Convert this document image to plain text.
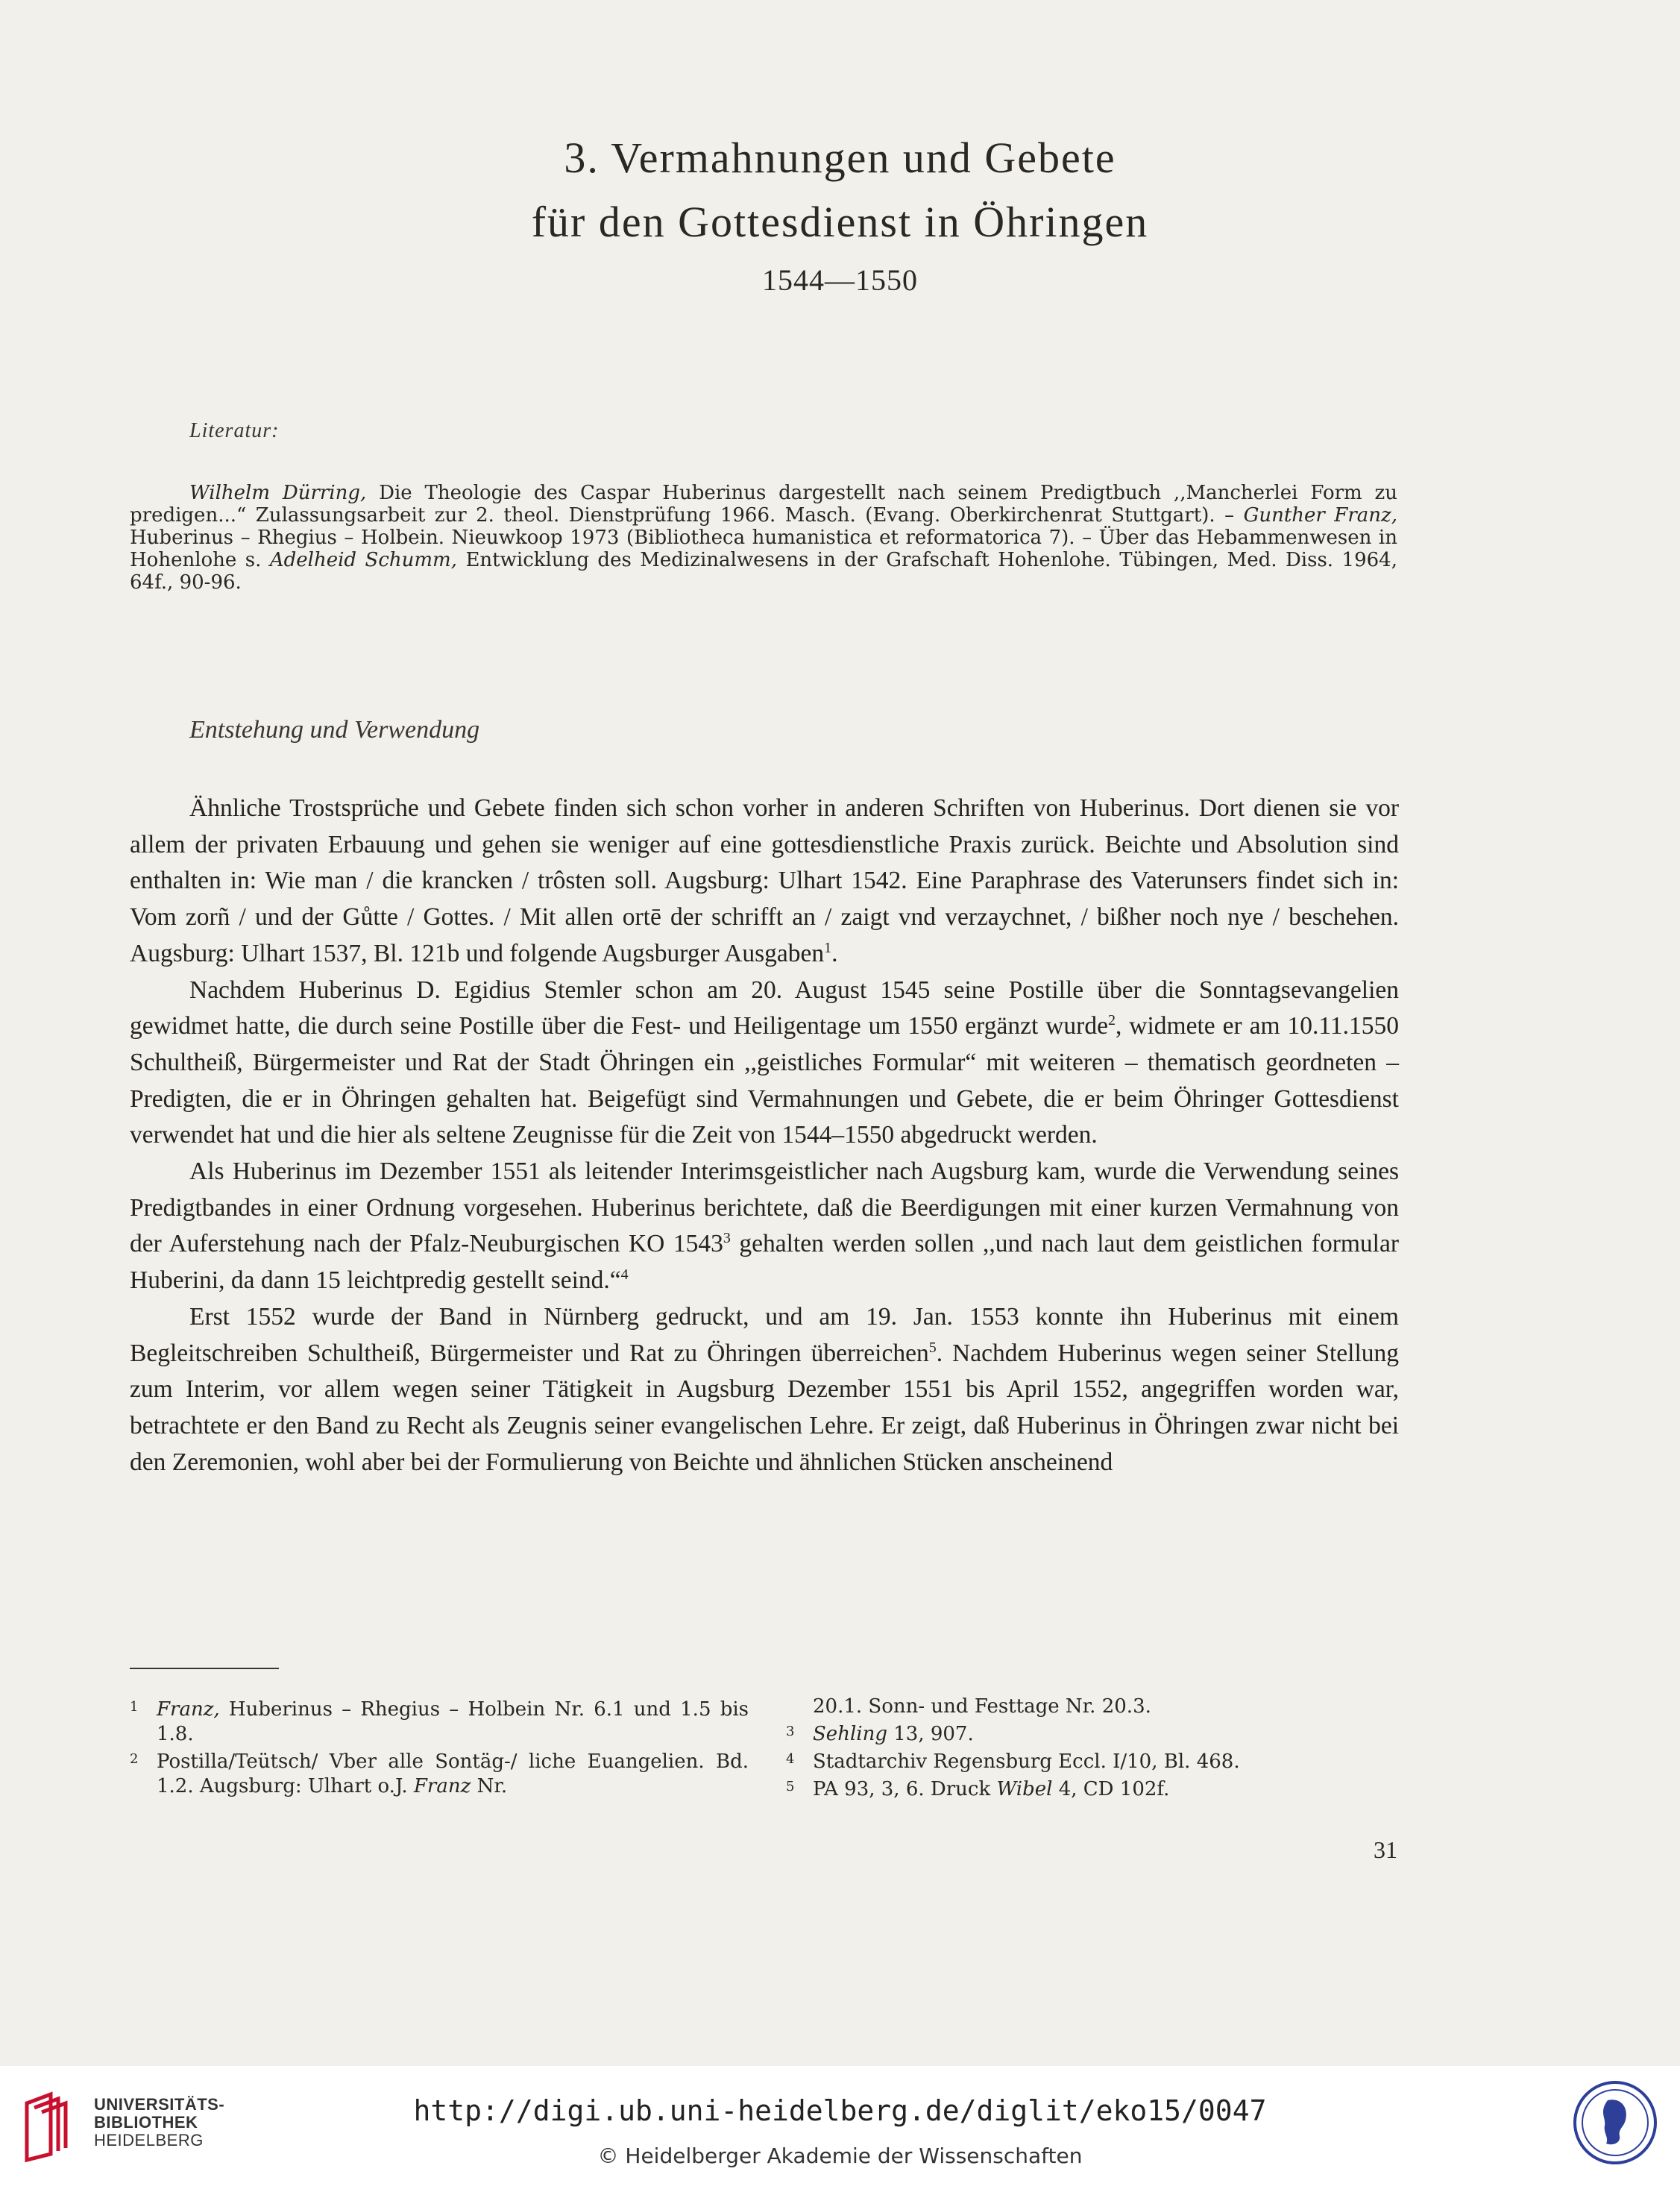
3. Vermahnungen und Gebete
für den Gottesdienst in Öhringen
1544—1550
Literatur:

Wilhelm Dürring, Die Theologie des Caspar Huberinus dargestellt nach seinem Predigtbuch ,,Mancherlei Form zu predigen...“ Zulassungsarbeit zur 2. theol. Dienstprüfung 1966. Masch. (Evang. Oberkirchenrat Stuttgart). – Gunther Franz, Huberinus – Rhegius – Holbein. Nieuwkoop 1973 (Bibliotheca humanistica et reformatorica 7). – Über das Hebammenwesen in Hohenlohe s. Adelheid Schumm, Entwicklung des Medizinalwesens in der Grafschaft Hohenlohe. Tübingen, Med. Diss. 1964, 64f., 90-96.

Entstehung und Verwendung

Ähnliche Trostsprüche und Gebete finden sich schon vorher in anderen Schriften von Huberinus. Dort dienen sie vor allem der privaten Erbauung und gehen sie weniger auf eine gottesdienstliche Praxis zurück. Beichte und Absolution sind enthalten in: Wie man / die krancken / trôsten soll. Augsburg: Ulhart 1542. Eine Paraphrase des Vaterunsers findet sich in: Vom zorñ / und der Gůtte / Gottes. / Mit allen ortē der schrifft an / zaigt vnd verzaychnet, / bißher noch nye / beschehen. Augsburg: Ulhart 1537, Bl. 121b und folgende Augsburger Ausgaben$^1$.

Nachdem Huberinus D. Egidius Stemler schon am 20. August 1545 seine Postille über die Sonntagsevangelien gewidmet hatte, die durch seine Postille über die Fest- und Heiligentage um 1550 ergänzt wurde$^2$, widmete er am 10.11.1550 Schultheiß, Bürgermeister und Rat der Stadt Öhringen ein ,,geistliches Formular“ mit weiteren – thematisch geordneten – Predigten, die er in Öhringen gehalten hat. Beigefügt sind Vermahnungen und Gebete, die er beim Öhringer Gottesdienst verwendet hat und die hier als seltene Zeugnisse für die Zeit von 1544–1550 abgedruckt werden.

Als Huberinus im Dezember 1551 als leitender Interimsgeistlicher nach Augsburg kam, wurde die Verwendung seines Predigtbandes in einer Ordnung vorgesehen. Huberinus berichtete, daß die Beerdigungen mit einer kurzen Vermahnung von der Auferstehung nach der Pfalz-Neuburgischen KO 1543$^3$ gehalten werden sollen ,,und nach laut dem geistlichen formular Huberini, da dann 15 leichtpredig gestellt seind.“$^4$

Erst 1552 wurde der Band in Nürnberg gedruckt, und am 19. Jan. 1553 konnte ihn Huberinus mit einem Begleitschreiben Schultheiß, Bürgermeister und Rat zu Öhringen überreichen$^5$. Nachdem Huberinus wegen seiner Stellung zum Interim, vor allem wegen seiner Tätigkeit in Augsburg Dezember 1551 bis April 1552, angegriffen worden war, betrachtete er den Band zu Recht als Zeugnis seiner evangelischen Lehre. Er zeigt, daß Huberinus in Öhringen zwar nicht bei den Zeremonien, wohl aber bei der Formulierung von Beichte und ähnlichen Stücken anscheinend

1 Franz, Huberinus – Rhegius – Holbein Nr. 6.1 und 1.5 bis 1.8.

2 Postilla/Teütsch/ Vber alle Sontäg-/ liche Euangelien. Bd. 1.2. Augsburg: Ulhart o.J. Franz Nr.

20.1. Sonn- und Festtage Nr. 20.3.

3 Sehling 13, 907.

4 Stadtarchiv Regensburg Eccl. I/10, Bl. 468.

5 PA 93, 3, 6. Druck Wibel 4, CD 102f.

31
UNIVERSITÄTS-
BIBLIOTHEK
HEIDELBERG
http://digi.ub.uni-heidelberg.de/diglit/eko15/0047
© Heidelberger Akademie der Wissenschaften
